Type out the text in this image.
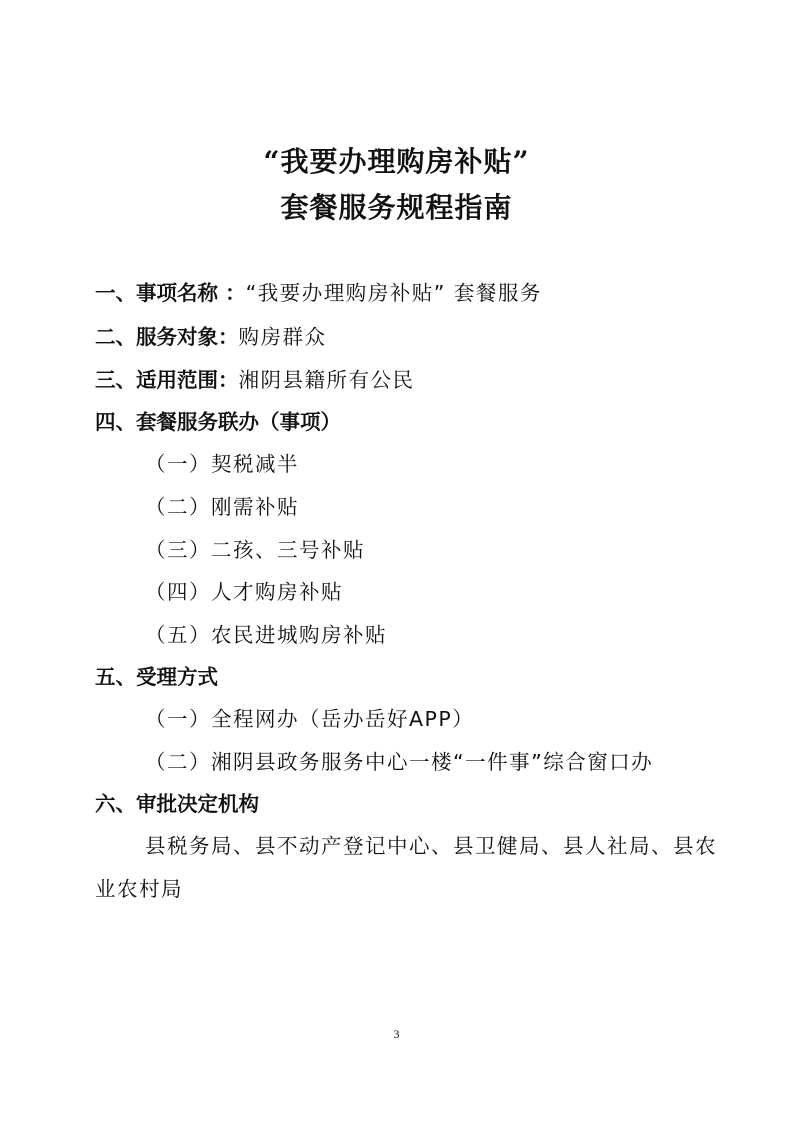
“我要办理购房补贴”
套餐服务规程指南
一、事项名称 ：“我要办理购房补贴” 套餐服务
二、服务对象：购房群众
三、适用范围：湘阴县籍所有公民
四、套餐服务联办（事项）
（一）契税减半
（二）刚需补贴
（三）二孩、三号补贴
（四）人才购房补贴
（五）农民进城购房补贴
五、受理方式
（一）全程网办（岳办岳好APP）
（二）湘阴县政务服务中心一楼“一件事”综合窗口办
六、审批决定机构
县税务局、县不动产登记中心、县卫健局、县人社局、县农
业农村局
3
